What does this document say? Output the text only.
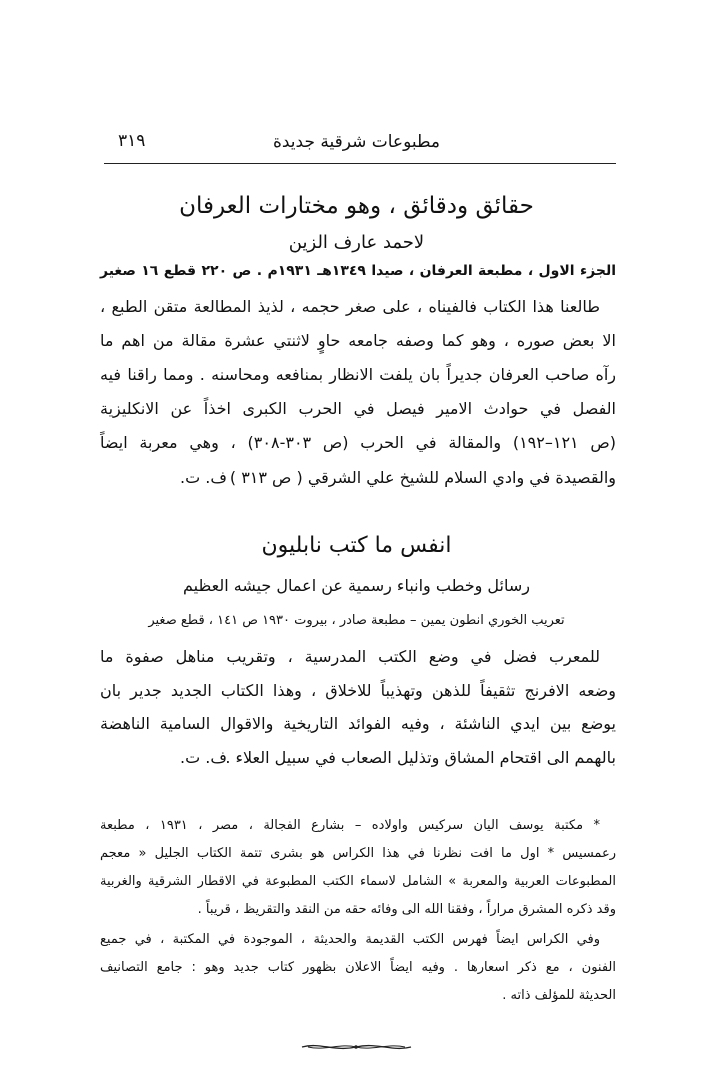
مطبوعات شرقية جديدة
٣١٩
حقائق ودقائق ، وهو مختارات العرفان
لاحمد عارف الزين
الجزء الاول ، مطبعة العرفان ، صيدا ١٣٤٩هـ ١٩٣١م . ص ٢٢٠ قطع ١٦ صغير
طالعنا هذا الكتاب فالفيناه ، على صغر حجمه ، لذيذ المطالعة متقن الطبع ،
الا بعض صوره ، وهو كما وصفه جامعه حاوٍ لاثنتي عشرة مقالة من اهم ما
رآه صاحب العرفان جديراً بان يلفت الانظار بمنافعه ومحاسنه . ومما راقنا فيه
الفصل في حوادث الامير فيصل في الحرب الكبرى اخذاً عن الانكليزية
(ص ١٢١–١٩٢) والمقالة في الحرب (ص ٣٠٣-٣٠٨) ، وهي معربة ايضاً
والقصيدة في وادي السلام للشيخ علي الشرقي ( ص ٣١٣ )
ف. ت.
انفس ما كتب نابليون
رسائل وخطب وانباء رسمية عن اعمال جيشه العظيم
تعريب الخوري انطون يمين – مطبعة صادر ، بيروت ١٩٣٠ ص ١٤١ ، قطع صغير
للمعرب فضل في وضع الكتب المدرسية ، وتقريب مناهل صفوة ما
وضعه الافرنج تثقيفاً للذهن وتهذيباً للاخلاق ، وهذا الكتاب الجديد جدير بان
يوضع بين ايدي الناشئة ، وفيه الفوائد التاريخية والاقوال السامية الناهضة
بالهمم الى اقتحام المشاق وتذليل الصعاب في سبيل العلاء .
ف. ت.
* مكتبة يوسف اليان سركيس واولاده – بشارع الفجالة ، مصر ، ١٩٣١ ، مطبعة
رعمسيس * اول ما افت نظرنا في هذا الكراس هو بشرى تتمة الكتاب الجليل « معجم
المطبوعات العربية والمعربة » الشامل لاسماء الكتب المطبوعة في الاقطار الشرقية والغربية
وقد ذكره المشرق مراراً ، وفقنا الله الى وفائه حقه من النقد والتقريظ ، قريباً .
وفي الكراس ايضاً فهرس الكتب القديمة والحديثة ، الموجودة في المكتبة ، في جميع
الفنون ، مع ذكر اسعارها . وفيه ايضاً الاعلان بظهور كتاب جديد وهو : جامع التصانيف
الحديثة للمؤلف ذاته .
